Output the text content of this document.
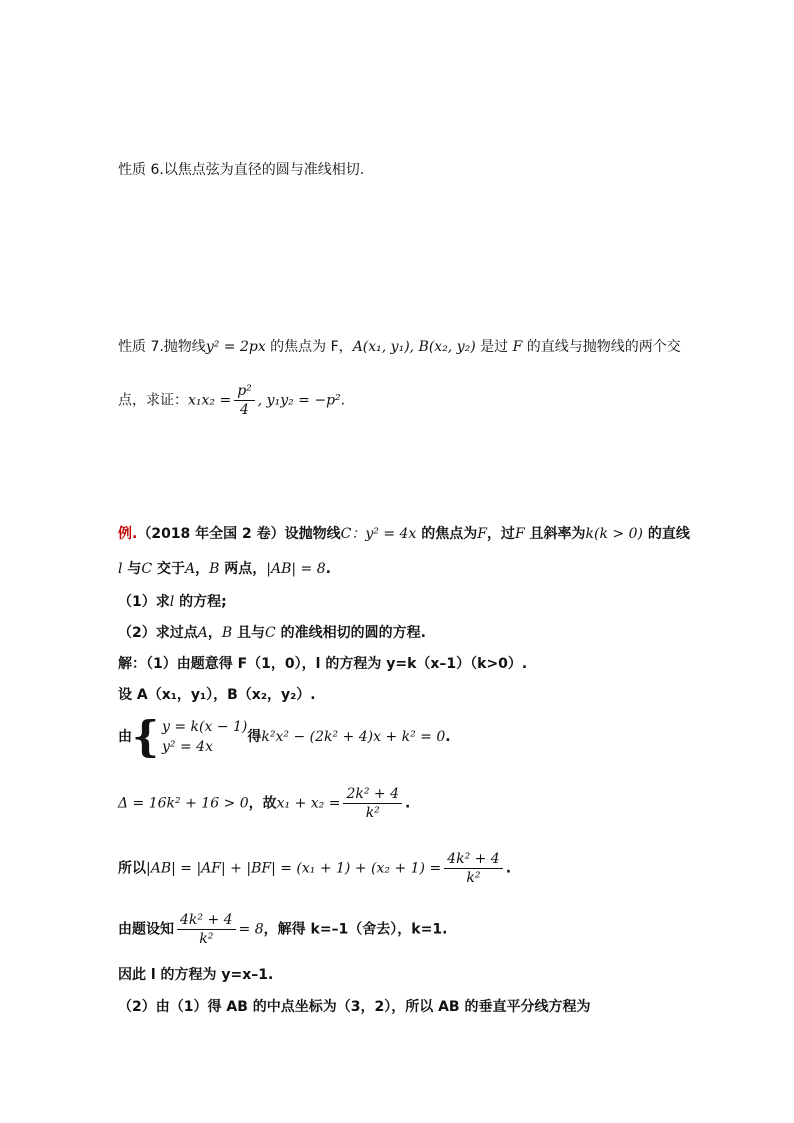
性质 6.以焦点弦为直径的圆与准线相切.
性质 7.抛物线y² = 2px 的焦点为 F，A(x₁, y₁), B(x₂, y₂) 是过 F 的直线与抛物线的两个交
点，求证：$x_1x_2 = \frac{\text{p²}}{4}$ , y₁y₂ = −p².
例.（2018 年全国 2 卷）设抛物线C：y² = 4x 的焦点为F，过F 且斜率为k(k > 0) 的直线
l 与C 交于A，B 两点，|AB| = 8.
（1）求l 的方程;
（2）求过点A，B 且与C 的准线相切的圆的方程.
解：（1）由题意得 F（1，0），l 的方程为 y=k（x–1）（k>0）.
设 A（x₁，y₁），B（x₂，y₂）.
由 { y = k(x − 1)
y² = 4x
得k²x² − (2k² + 4)x + k² = 0.
Δ = 16k² + 16 > 0，故$x_1 + x_2 = \frac{\text{2k² + 4}}{\text{k²}}$ .
所以$|AB| = |AF| + |BF| = (x_1 + 1) + (x_2 + 1) = \frac{\text{4k² + 4}}{\text{k²}}$ .
由题设知 $\frac{\text{4k² + 4}}{\text{k²}} = 8$，解得 k=–1（舍去），k=1.
因此 l 的方程为 y=x–1.
（2）由（1）得 AB 的中点坐标为（3，2），所以 AB 的垂直平分线方程为
